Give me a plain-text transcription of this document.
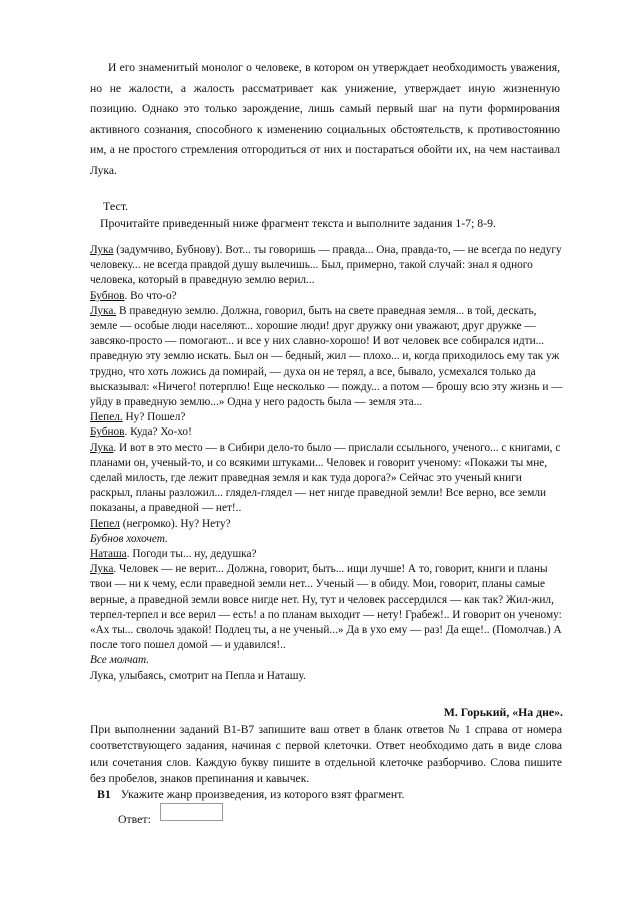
И его знаменитый монолог о человеке, в котором он утверждает необходимость уважения, но не жалости, а жалость рассматривает как унижение, утверждает иную жизненную позицию. Однако это только зарождение, лишь самый первый шаг на пути формирования активного сознания, способного к изменению социальных обстоятельств, к противостоянию им, а не простого стремления отгородиться от них и постараться обойти их, на чем настаивал Лука.

Тест.

Прочитайте приведенный ниже фрагмент текста и выполните задания 1-7; 8-9.

Лука (задумчиво, Бубнову). Вот... ты говоришь — правда... Она, правда-то, — не всегда по недугу человеку... не всегда правдой душу вылечишь... Был, примерно, такой случай: знал я одного человека, который в праведную землю верил...
Бубнов. Во что-о?
Лука. В праведную землю. Должна, говорил, быть на свете праведная земля... в той, дескать, земле — особые люди населяют... хорошие люди! друг дружку они уважают, друг дружке — завсяко-просто — помогают... и все у них славно-хорошо! И вот человек все собирался идти... праведную эту землю искать. Был он — бедный, жил — плохо... и, когда приходилось ему так уж трудно, что хоть ложись да помирай, — духа он не терял, а все, бывало, усмехался только да высказывал: «Ничего! потерплю! Еще несколько — пожду... а потом — брошу всю эту жизнь и — уйду в праведную землю...» Одна у него радость была — земля эта...
Пепел. Ну? Пошел?
Бубнов. Куда? Хо-хо!
Лука. И вот в это место — в Сибири дело-то было — прислали ссыльного, ученого... с книгами, с планами он, ученый-то, и со всякими штуками... Человек и говорит ученому: «Покажи ты мне, сделай милость, где лежит праведная земля и как туда дорога?» Сейчас это ученый книги раскрыл, планы разложил... глядел-глядел — нет нигде праведной земли! Все верно, все земли показаны, а праведной — нет!..
Пепел (негромко). Ну? Нету?
Бубнов хохочет.
Наташа. Погоди ты... ну, дедушка?
Лука. Человек — не верит... Должна, говорит, быть... ищи лучше! А то, говорит, книги и планы твои — ни к чему, если праведной земли нет... Ученый — в обиду. Мои, говорит, планы самые верные, а праведной земли вовсе нигде нет. Ну, тут и человек рассердился — как так? Жил-жил, терпел-терпел и все верил — есть! а по планам выходит — нету! Грабеж!.. И говорит он ученому: «Ах ты... сволочь эдакой! Подлец ты, а не ученый...» Да в ухо ему — раз! Да еще!.. (Помолчав.) А после того пошел домой — и удавился!..
Все молчат.
Лука, улыбаясь, смотрит на Пепла и Наташу.

М. Горький, «На дне».

При выполнении заданий В1-В7 запишите ваш ответ в бланк ответов № 1 справа от номера соответствующего задания, начиная с первой клеточки. Ответ необходимо дать в виде слова или сочетания слов. Каждую букву пишите в отдельной клеточке разборчиво. Слова пишите без пробелов, знаков препинания и кавычек.

В1 Укажите жанр произведения, из которого взят фрагмент.

Ответ:
